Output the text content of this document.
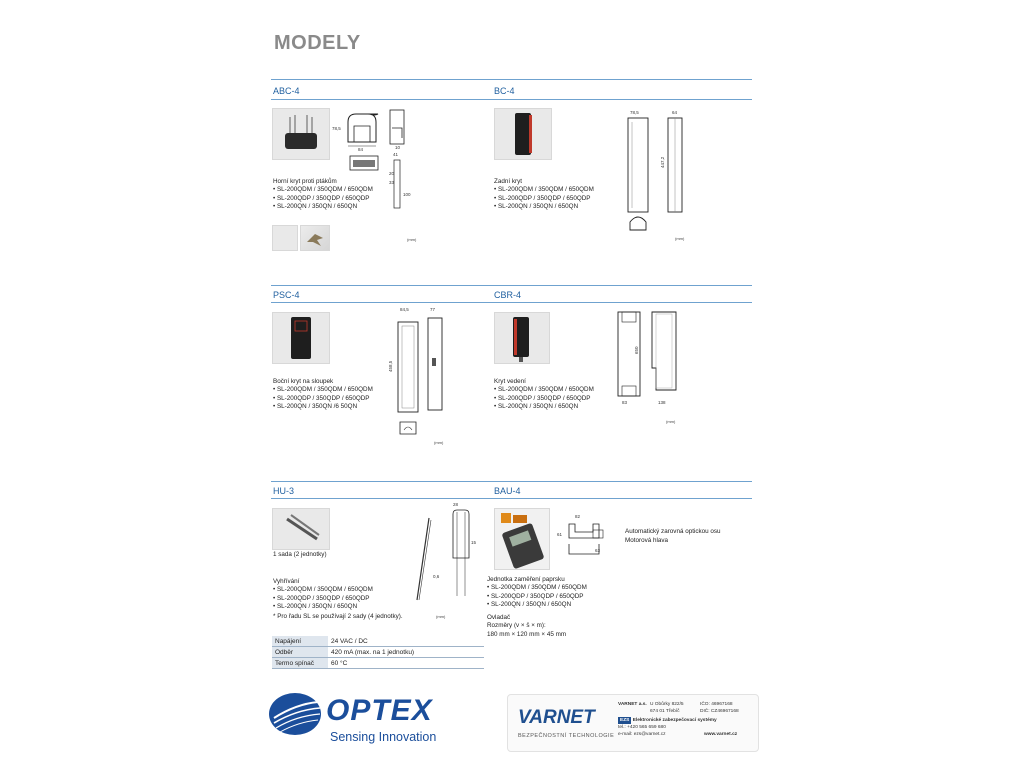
MODELY
ABC-4
78,5
84	10
41
20
33
100
Horní kryt proti ptákům
• SL-200QDM / 350QDM / 650QDM
• SL-200QDP / 350QDP / 650QDP
• SL-200QN / 350QN / 650QN
(mm)
BC-4
78,5	64
447,2
Zadní kryt
• SL-200QDM / 350QDM / 650QDM
• SL-200QDP / 350QDP / 650QDP
• SL-200QN / 350QN / 650QN
(mm)
PSC-4
84,5	77
458,5
Boční kryt na sloupek
• SL-200QDM / 350QDM / 650QDM
• SL-200QDP / 350QDP / 650QDP
• SL-200QN / 350QN /6 50QN
(mm)
CBR-4
650
83	138
Kryt vedení
• SL-200QDM / 350QDM / 650QDM
• SL-200QDP / 350QDP / 650QDP
• SL-200QN / 350QN / 650QN
(mm)
HU-3
1 sada (2 jednotky)
28
15
0,6
Vyhřívání
• SL-200QDM / 350QDM / 650QDM
• SL-200QDP / 350QDP / 650QDP
• SL-200QN / 350QN / 650QN
* Pro řadu SL se používají 2 sady (4 jednotky).	(mm)
Napájení	24 VAC / DC
Odběr	420 mA (max. na 1 jednotku)
Termo spínač	60 °C
BAU-4
82
61
63
Automatický zarovná optickou osu
Motorová hlava
Jednotka zaměření paprsku
• SL-200QDM / 350QDM / 650QDM
• SL-200QDP / 350QDP / 650QDP
• SL-200QN / 350QN / 650QN
Ovladač
Rozměry (v × š × m):
180 mm × 120 mm × 45 mm
OPTEX
Sensing Innovation
VARNET
BEZPEČNOSTNÍ TECHNOLOGIE
VARNET a.s. U Obůrky 822/5	IČO: 46967168
674 01 Třebíč	DIČ: CZ46967168
EZS Elektronické zabezpečovací systémy
tel.: +420 565 659 680
e-mail: ezs@varnet.cz	www.varnet.cz
